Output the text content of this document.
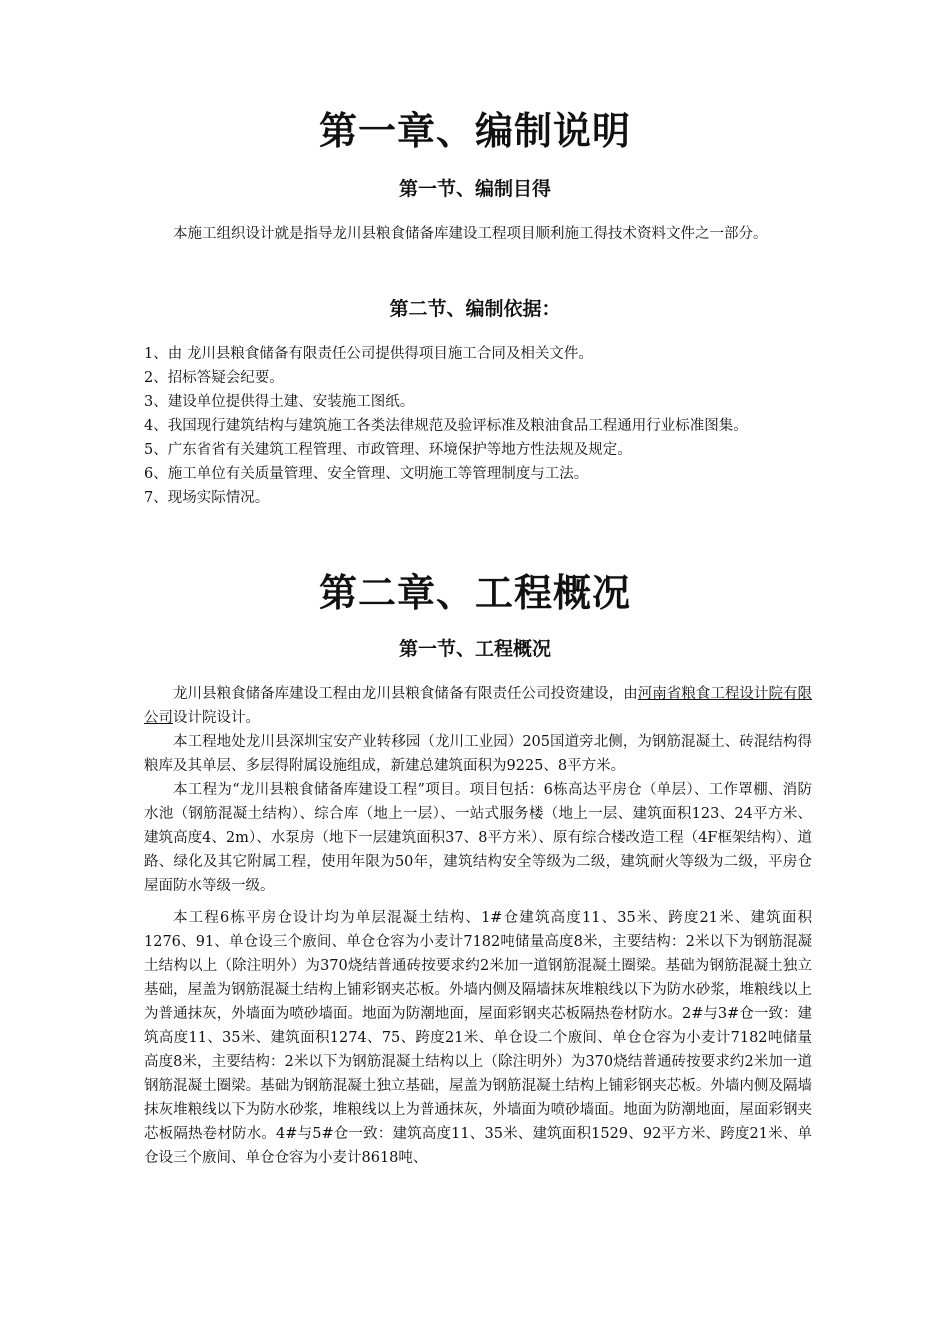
第一章、编制说明
第一节、编制目得

本施工组织设计就是指导龙川县粮食储备库建设工程项目顺利施工得技术资料文件之一部分。

第二节、编制依据：
1、由 龙川县粮食储备有限责任公司提供得项目施工合同及相关文件。
2、招标答疑会纪要。
3、建设单位提供得土建、安装施工图纸。
4、我国现行建筑结构与建筑施工各类法律规范及验评标准及粮油食品工程通用行业标准图集。
5、广东省省有关建筑工程管理、市政管理、环境保护等地方性法规及规定。
6、施工单位有关质量管理、安全管理、文明施工等管理制度与工法。
7、现场实际情况。
第二章、工程概况
第一节、工程概况

龙川县粮食储备库建设工程由龙川县粮食储备有限责任公司投资建设，由河南省粮食工程设计院有限公司设计院设计。

本工程地处龙川县深圳宝安产业转移园（龙川工业园）205国道旁北侧，为钢筋混凝土、砖混结构得粮库及其单层、多层得附属设施组成，新建总建筑面积为9225、8平方米。

本工程为“龙川县粮食储备库建设工程”项目。项目包括：6栋高达平房仓（单层）、工作罩棚、消防水池（钢筋混凝土结构）、综合库（地上一层）、一站式服务楼（地上一层、建筑面积123、24平方米、建筑高度4、2m）、水泵房（地下一层建筑面积37、8平方米）、原有综合楼改造工程（4F框架结构）、道路、绿化及其它附属工程，使用年限为50年，建筑结构安全等级为二级，建筑耐火等级为二级，平房仓屋面防水等级一级。

本工程6栋平房仓设计均为单层混凝土结构、1#仓建筑高度11、35米、跨度21米、建筑面积1276、91、单仓设三个廒间、单仓仓容为小麦计7182吨储量高度8米，主要结构：2米以下为钢筋混凝土结构以上（除注明外）为370烧结普通砖按要求约2米加一道钢筋混凝土圈梁。基础为钢筋混凝土独立基础，屋盖为钢筋混凝土结构上铺彩钢夹芯板。外墙内侧及隔墙抹灰堆粮线以下为防水砂浆，堆粮线以上为普通抹灰，外墙面为喷砂墙面。地面为防潮地面，屋面彩钢夹芯板隔热卷材防水。2#与3#仓一致：建筑高度11、35米、建筑面积1274、75、跨度21米、单仓设二个廒间、单仓仓容为小麦计7182吨储量高度8米，主要结构：2米以下为钢筋混凝土结构以上（除注明外）为370烧结普通砖按要求约2米加一道钢筋混凝土圈梁。基础为钢筋混凝土独立基础，屋盖为钢筋混凝土结构上铺彩钢夹芯板。外墙内侧及隔墙抹灰堆粮线以下为防水砂浆，堆粮线以上为普通抹灰，外墙面为喷砂墙面。地面为防潮地面，屋面彩钢夹芯板隔热卷材防水。4#与5#仓一致：建筑高度11、35米、建筑面积1529、92平方米、跨度21米、单仓设三个廒间、单仓仓容为小麦计8618吨、
